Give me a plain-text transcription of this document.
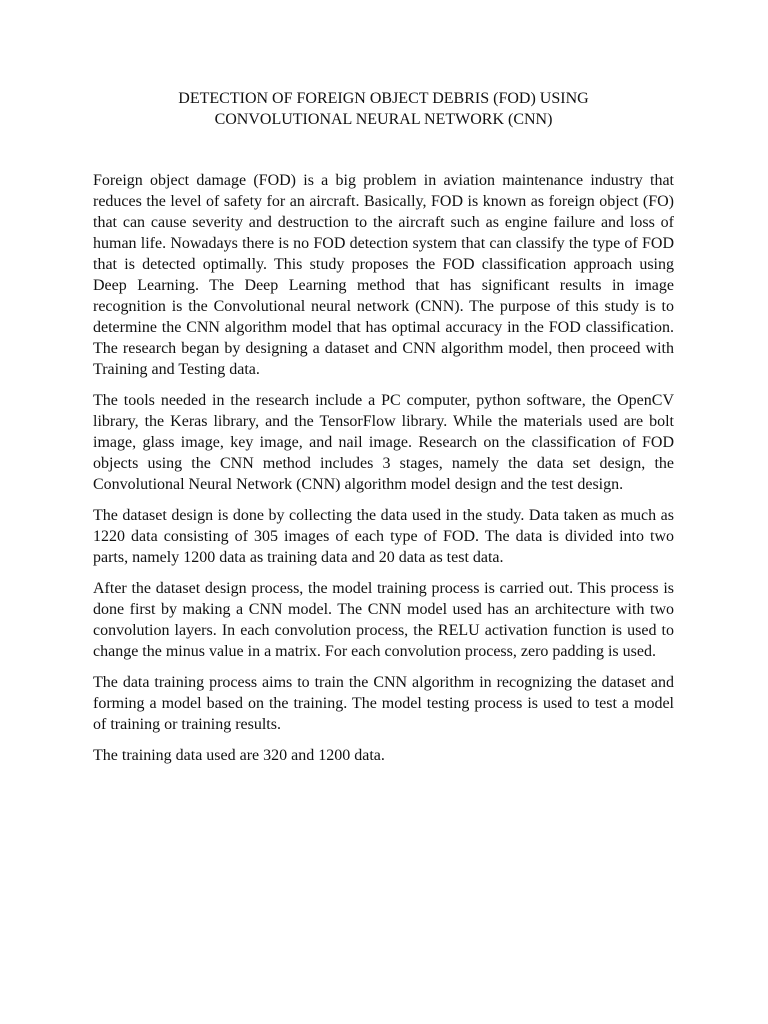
DETECTION OF FOREIGN OBJECT DEBRIS (FOD) USING
CONVOLUTIONAL NEURAL NETWORK (CNN)

Foreign object damage (FOD) is a big problem in aviation maintenance industry that reduces the level of safety for an aircraft. Basically, FOD is known as foreign object (FO) that can cause severity and destruction to the aircraft such as engine failure and loss of human life. Nowadays there is no FOD detection system that can classify the type of FOD that is detected optimally. This study proposes the FOD classification approach using Deep Learning. The Deep Learning method that has significant results in image recognition is the Convolutional neural network (CNN). The purpose of this study is to determine the CNN algorithm model that has optimal accuracy in the FOD classification. The research began by designing a dataset and CNN algorithm model, then proceed with Training and Testing data.

The tools needed in the research include a PC computer, python software, the OpenCV library, the Keras library, and the TensorFlow library. While the materials used are bolt image, glass image, key image, and nail image. Research on the classification of FOD objects using the CNN method includes 3 stages, namely the data set design, the Convolutional Neural Network (CNN) algorithm model design and the test design.

The dataset design is done by collecting the data used in the study. Data taken as much as 1220 data consisting of 305 images of each type of FOD. The data is divided into two parts, namely 1200 data as training data and 20 data as test data.

After the dataset design process, the model training process is carried out. This process is done first by making a CNN model. The CNN model used has an architecture with two convolution layers. In each convolution process, the RELU activation function is used to change the minus value in a matrix. For each convolution process, zero padding is used.

The data training process aims to train the CNN algorithm in recognizing the dataset and forming a model based on the training. The model testing process is used to test a model of training or training results.

The training data used are 320 and 1200 data.
